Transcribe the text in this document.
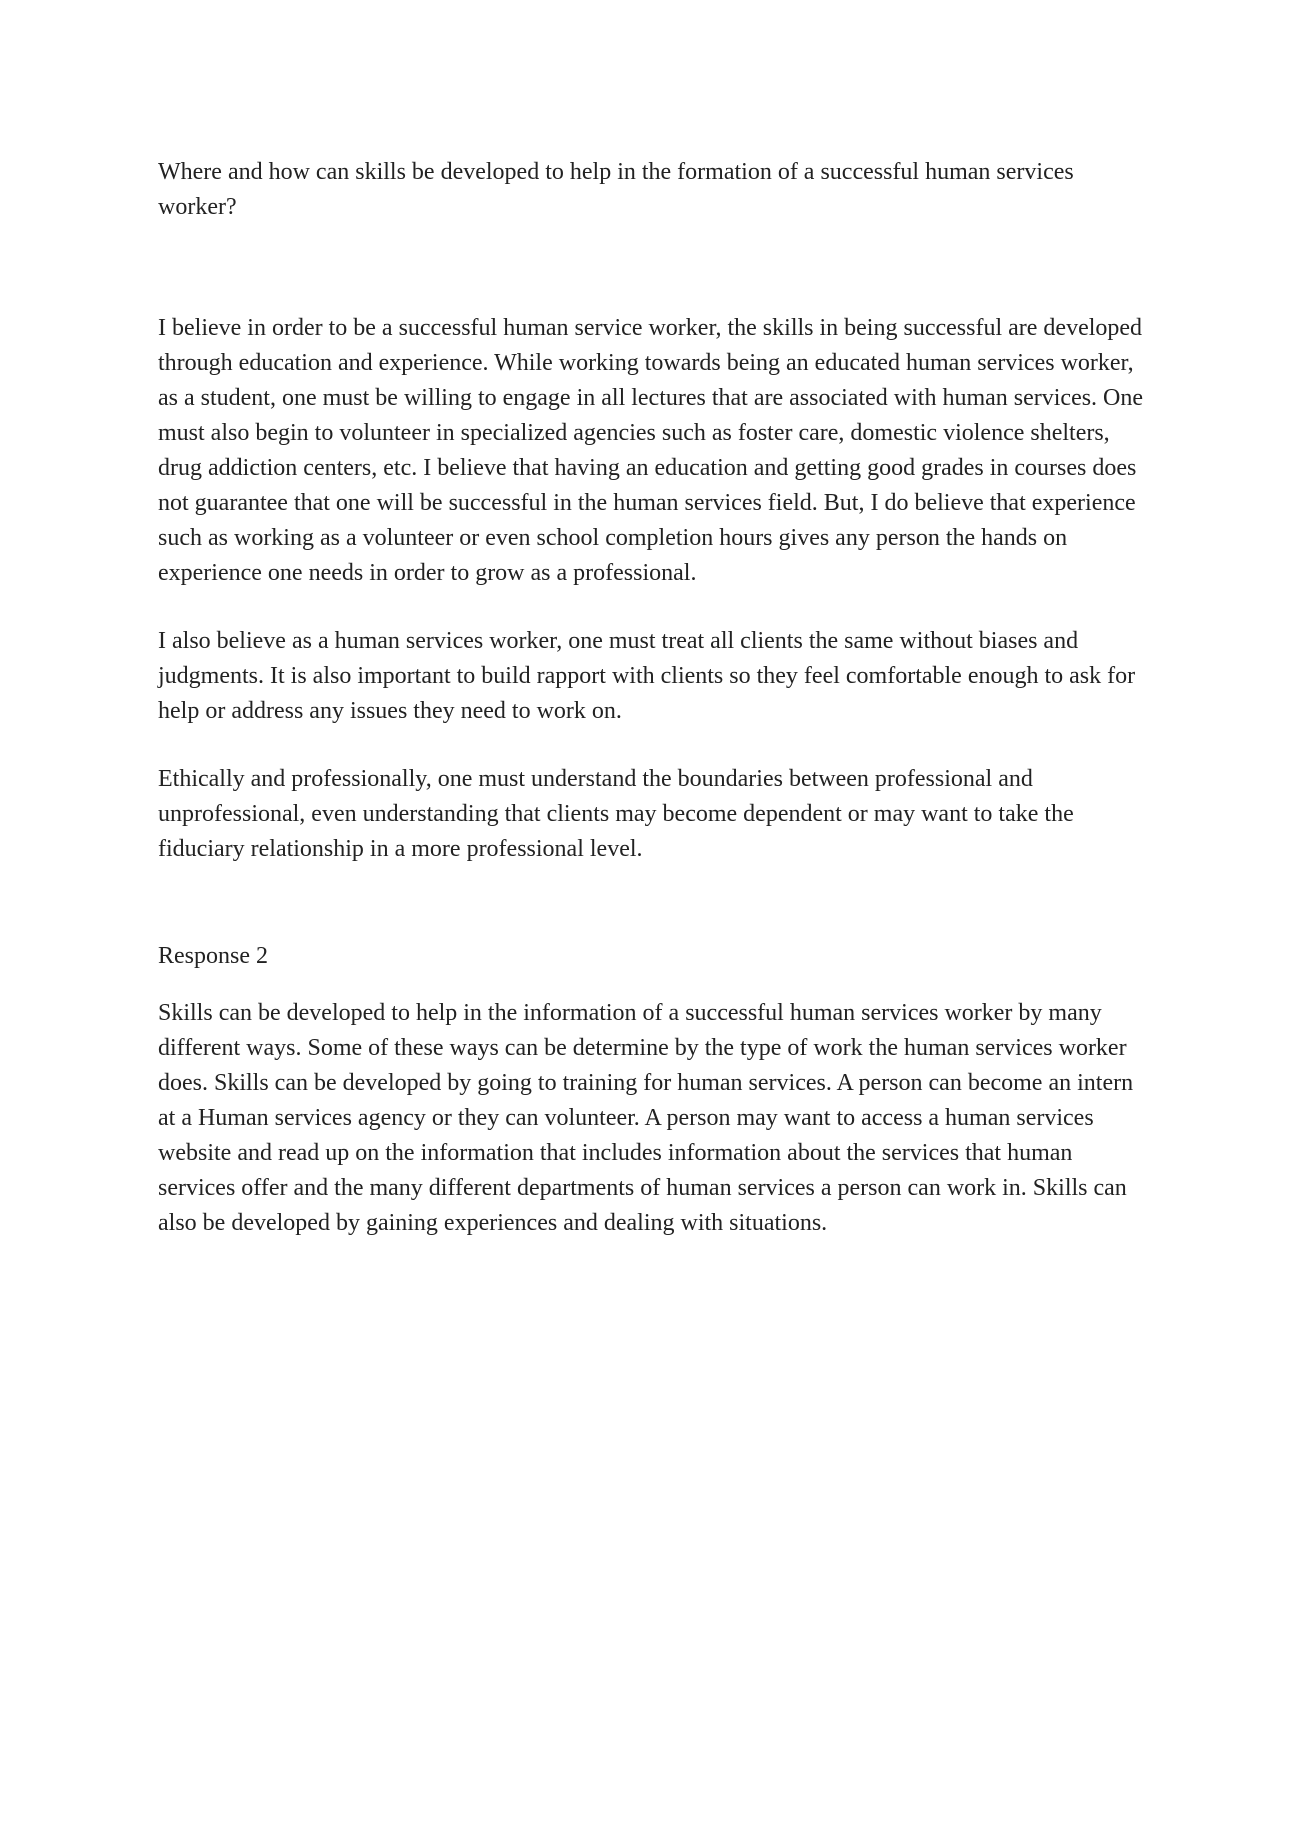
Where and how can skills be developed to help in the formation of a successful human services worker?

I believe in order to be a successful human service worker, the skills in being successful are developed through education and experience. While working towards being an educated human services worker, as a student, one must be willing to engage in all lectures that are associated with human services. One must also begin to volunteer in specialized agencies such as foster care, domestic violence shelters, drug addiction centers, etc. I believe that having an education and getting good grades in courses does not guarantee that one will be successful in the human services field. But, I do believe that experience such as working as a volunteer or even school completion hours gives any person the hands on experience one needs in order to grow as a professional.

I also believe as a human services worker, one must treat all clients the same without biases and judgments. It is also important to build rapport with clients so they feel comfortable enough to ask for help or address any issues they need to work on.

Ethically and professionally, one must understand the boundaries between professional and unprofessional, even understanding that clients may become dependent or may want to take the fiduciary relationship in a more professional level.

Response 2

Skills can be developed to help in the information of a successful human services worker by many different ways. Some of these ways can be determine by the type of work the human services worker does. Skills can be developed by going to training for human services. A person can become an intern at a Human services agency or they can volunteer. A person may want to access a human services website and read up on the information that includes information about the services that human services offer and the many different departments of human services a person can work in. Skills can also be developed by gaining experiences and dealing with situations.
